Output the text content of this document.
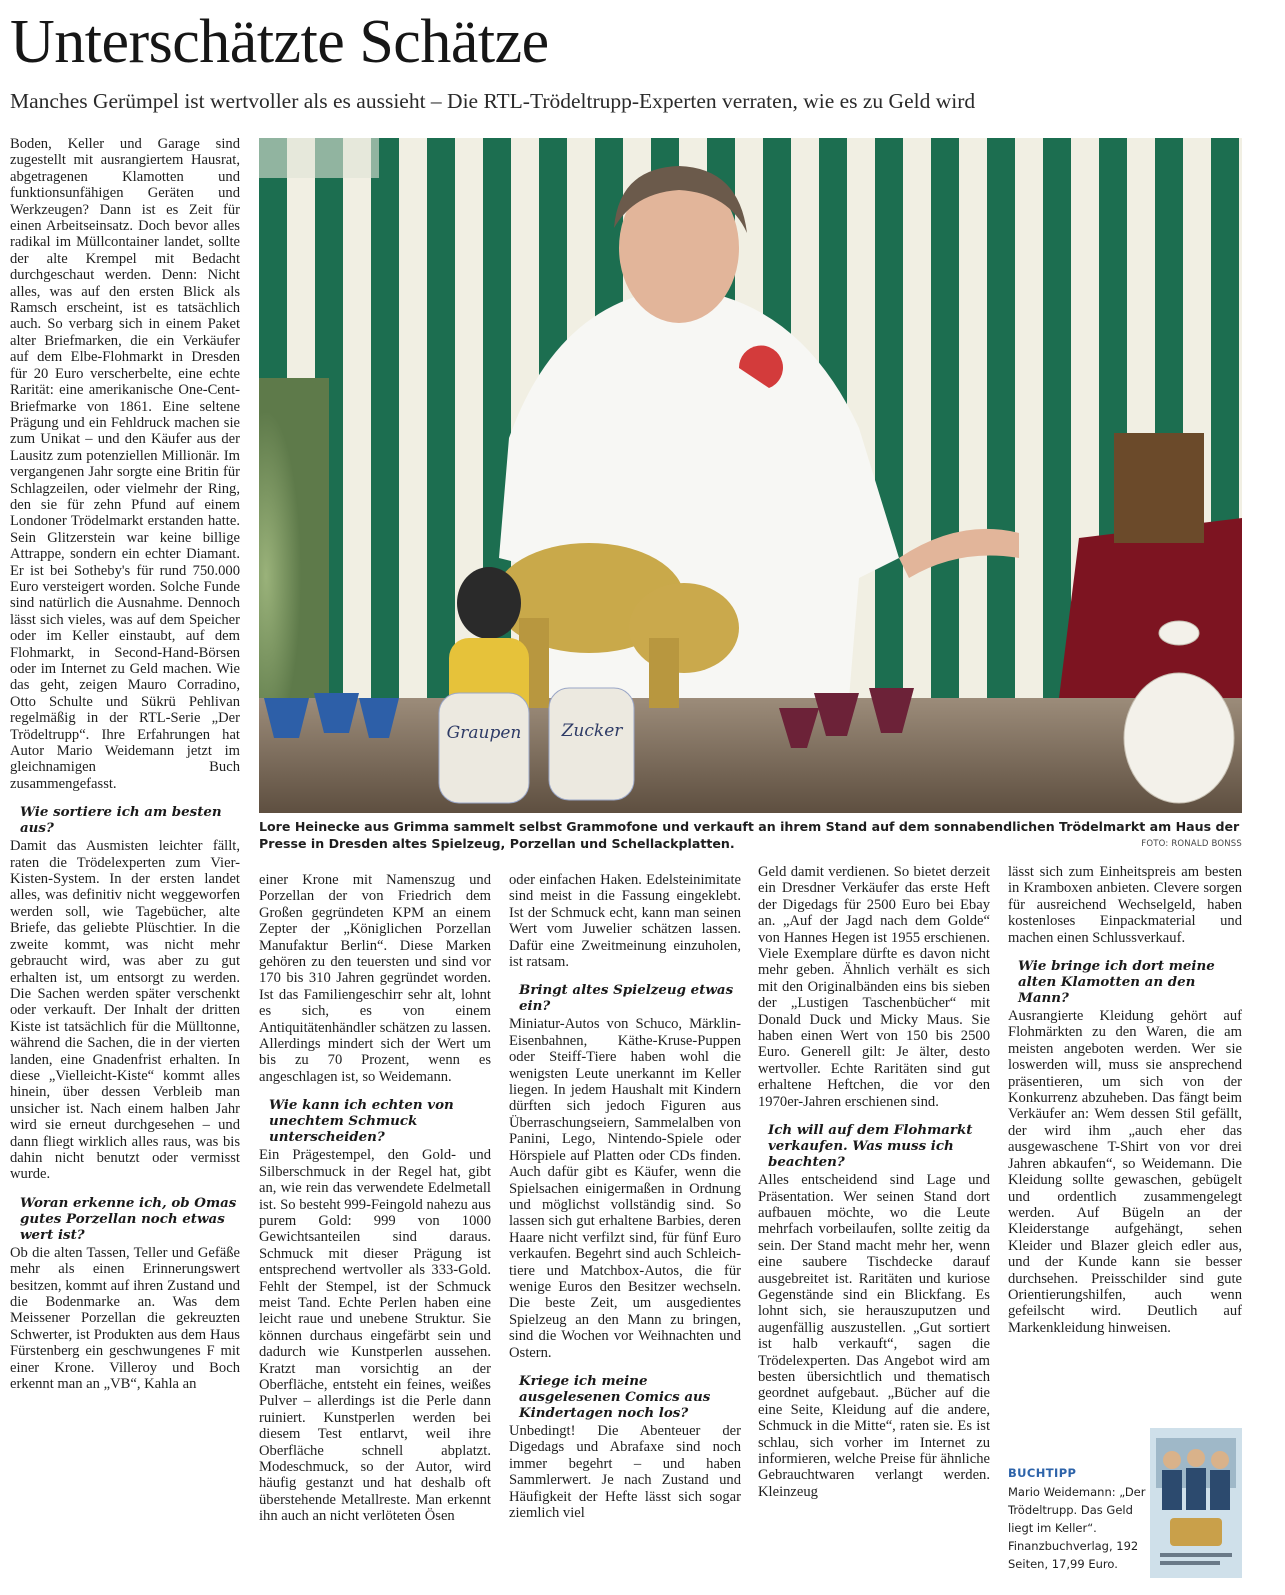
Unterschätzte Schätze

Manches Gerümpel ist wertvoller als es aussieht – Die RTL-Trödeltrupp-Experten verraten, wie es zu Geld wird

Boden, Keller und Garage sind zugestellt mit ausrangiertem Hausrat, abgetragenen Klamotten und funktionsunfähigen Geräten und Werkzeugen? Dann ist es Zeit für einen Arbeitseinsatz. Doch bevor alles radikal im Müllcontainer landet, sollte der alte Krempel mit Bedacht durchgeschaut werden. Denn: Nicht alles, was auf den ersten Blick als Ramsch erscheint, ist es tatsächlich auch. So verbarg sich in einem Paket alter Briefmarken, die ein Verkäufer auf dem Elbe-Flohmarkt in Dresden für 20 Euro verscherbelte, eine echte Rarität: eine amerikanische One-Cent-Briefmarke von 1861. Eine seltene Prägung und ein Fehldruck machen sie zum Unikat – und den Käufer aus der Lausitz zum potenziellen Millionär. Im vergangenen Jahr sorgte eine Britin für Schlagzeilen, oder vielmehr der Ring, den sie für zehn Pfund auf einem Londoner Trödelmarkt erstanden hatte. Sein Glitzerstein war keine billige Attrappe, sondern ein echter Diamant. Er ist bei Sotheby's für rund 750.000 Euro versteigert worden. Solche Funde sind natürlich die Ausnahme. Dennoch lässt sich vieles, was auf dem Speicher oder im Keller einstaubt, auf dem Flohmarkt, in Second-Hand-Börsen oder im Internet zu Geld machen. Wie das geht, zeigen Mauro Corradino, Otto Schulte und Sükrü Pehlivan regelmäßig in der RTL-Serie „Der Trödeltrupp“. Ihre Erfahrungen hat Autor Mario Weidemann jetzt im gleichnamigen Buch zusammengefasst.

Wie sortiere ich am besten aus?

Damit das Ausmisten leichter fällt, raten die Trödelexperten zum Vier-Kisten-System. In der ersten landet alles, was definitiv nicht weggeworfen werden soll, wie Tagebücher, alte Briefe, das geliebte Plüschtier. In die zweite kommt, was nicht mehr gebraucht wird, was aber zu gut erhalten ist, um entsorgt zu werden. Die Sachen werden später verschenkt oder verkauft. Der Inhalt der dritten Kiste ist tatsächlich für die Mülltonne, während die Sachen, die in der vierten landen, eine Gnadenfrist erhalten. In diese „Vielleicht-Kiste“ kommt alles hinein, über dessen Verbleib man unsicher ist. Nach einem halben Jahr wird sie erneut durchgesehen – und dann fliegt wirklich alles raus, was bis dahin nicht benutzt oder vermisst wurde.

Woran erkenne ich, ob Omas gutes Porzellan noch etwas wert ist?

Ob die alten Tassen, Teller und Gefäße mehr als einen Erinnerungswert besitzen, kommt auf ihren Zustand und die Bodenmarke an. Was dem Meissener Porzellan die gekreuzten Schwerter, ist Produkten aus dem Haus Fürstenberg ein geschwungenes F mit einer Krone. Villeroy und Boch erkennt man an „VB“, Kahla an

Graupen Zucker

Lore Heinecke aus Grimma sammelt selbst Grammofone und verkauft an ihrem Stand auf dem sonnabendlichen Trödelmarkt am Haus der Presse in Dresden altes Spielzeug, Porzellan und Schellackplatten.	FOTO: RONALD BONSS

einer Krone mit Namenszug und Porzellan der von Friedrich dem Großen gegründeten KPM an einem Zepter der „Königlichen Porzellan Manufaktur Berlin“. Diese Marken gehören zu den teuersten und sind vor 170 bis 310 Jahren gegründet worden. Ist das Familiengeschirr sehr alt, lohnt es sich, es von einem Antiquitätenhändler schätzen zu lassen. Allerdings mindert sich der Wert um bis zu 70 Prozent, wenn es angeschlagen ist, so Weidemann.

Wie kann ich echten von unechtem Schmuck unterscheiden?

Ein Prägestempel, den Gold- und Silberschmuck in der Regel hat, gibt an, wie rein das verwendete Edelmetall ist. So besteht 999-Feingold nahezu aus purem Gold: 999 von 1000 Gewichtsanteilen sind daraus. Schmuck mit dieser Prägung ist entsprechend wertvoller als 333-Gold. Fehlt der Stempel, ist der Schmuck meist Tand. Echte Perlen haben eine leicht raue und unebene Struktur. Sie können durchaus eingefärbt sein und dadurch wie Kunstperlen aussehen. Kratzt man vorsichtig an der Oberfläche, entsteht ein feines, weißes Pulver – allerdings ist die Perle dann ruiniert. Kunstperlen werden bei diesem Test entlarvt, weil ihre Oberfläche schnell abplatzt. Modeschmuck, so der Autor, wird häufig gestanzt und hat deshalb oft überstehende Metallreste. Man erkennt ihn auch an nicht verlöteten Ösen

oder einfachen Haken. Edelsteinimitate sind meist in die Fassung eingeklebt. Ist der Schmuck echt, kann man seinen Wert vom Juwelier schätzen lassen. Dafür eine Zweitmeinung einzuholen, ist ratsam.

Bringt altes Spielzeug etwas ein?

Miniatur-Autos von Schuco, Märklin-Eisenbahnen, Käthe-Kruse-Puppen oder Steiff-Tiere haben wohl die wenigsten Leute unerkannt im Keller liegen. In jedem Haushalt mit Kindern dürften sich jedoch Figuren aus Überraschungseiern, Sammelalben von Panini, Lego, Nintendo-Spiele oder Hörspiele auf Platten oder CDs finden. Auch dafür gibt es Käufer, wenn die Spielsachen einigermaßen in Ordnung und möglichst vollständig sind. So lassen sich gut erhaltene Barbies, deren Haare nicht verfilzt sind, für fünf Euro verkaufen. Begehrt sind auch Schleich-tiere und Matchbox-Autos, die für wenige Euros den Besitzer wechseln. Die beste Zeit, um ausgedientes Spielzeug an den Mann zu bringen, sind die Wochen vor Weihnachten und Ostern.

Kriege ich meine ausgelesenen Comics aus Kindertagen noch los?

Unbedingt! Die Abenteuer der Digedags und Abrafaxe sind noch immer begehrt – und haben Sammlerwert. Je nach Zustand und Häufigkeit der Hefte lässt sich sogar ziemlich viel

Geld damit verdienen. So bietet derzeit ein Dresdner Verkäufer das erste Heft der Digedags für 2500 Euro bei Ebay an. „Auf der Jagd nach dem Golde“ von Hannes Hegen ist 1955 erschienen. Viele Exemplare dürfte es davon nicht mehr geben. Ähnlich verhält es sich mit den Originalbänden eins bis sieben der „Lustigen Taschenbücher“ mit Donald Duck und Micky Maus. Sie haben einen Wert von 150 bis 2500 Euro. Generell gilt: Je älter, desto wertvoller. Echte Raritäten sind gut erhaltene Heftchen, die vor den 1970er-Jahren erschienen sind.

Ich will auf dem Flohmarkt verkaufen. Was muss ich beachten?

Alles entscheidend sind Lage und Präsentation. Wer seinen Stand dort aufbauen möchte, wo die Leute mehrfach vorbeilaufen, sollte zeitig da sein. Der Stand macht mehr her, wenn eine saubere Tischdecke darauf ausgebreitet ist. Raritäten und kuriose Gegenstände sind ein Blickfang. Es lohnt sich, sie herauszuputzen und augenfällig auszustellen. „Gut sortiert ist halb verkauft“, sagen die Trödelexperten. Das Angebot wird am besten übersichtlich und thematisch geordnet aufgebaut. „Bücher auf die eine Seite, Kleidung auf die andere, Schmuck in die Mitte“, raten sie. Es ist schlau, sich vorher im Internet zu informieren, welche Preise für ähnliche Gebrauchtwaren verlangt werden. Kleinzeug

lässt sich zum Einheitspreis am besten in Kramboxen anbieten. Clevere sorgen für ausreichend Wechselgeld, haben kostenloses Einpackmaterial und machen einen Schlussverkauf.

Wie bringe ich dort meine alten Klamotten an den Mann?

Ausrangierte Kleidung gehört auf Flohmärkten zu den Waren, die am meisten angeboten werden. Wer sie loswerden will, muss sie ansprechend präsentieren, um sich von der Konkurrenz abzuheben. Das fängt beim Verkäufer an: Wem dessen Stil gefällt, der wird ihm „auch eher das ausgewaschene T-Shirt von vor drei Jahren abkaufen“, so Weidemann. Die Kleidung sollte gewaschen, gebügelt und ordentlich zusammengelegt werden. Auf Bügeln an der Kleiderstange aufgehängt, sehen Kleider und Blazer gleich edler aus, und der Kunde kann sie besser durchsehen. Preisschilder sind gute Orientierungshilfen, auch wenn gefeilscht wird. Deutlich auf Markenkleidung hinweisen.

BUCHTIPP
Mario Weidemann: „Der Trödeltrupp. Das Geld liegt im Keller“. Finanzbuchverlag, 192 Seiten, 17,99 Euro.
